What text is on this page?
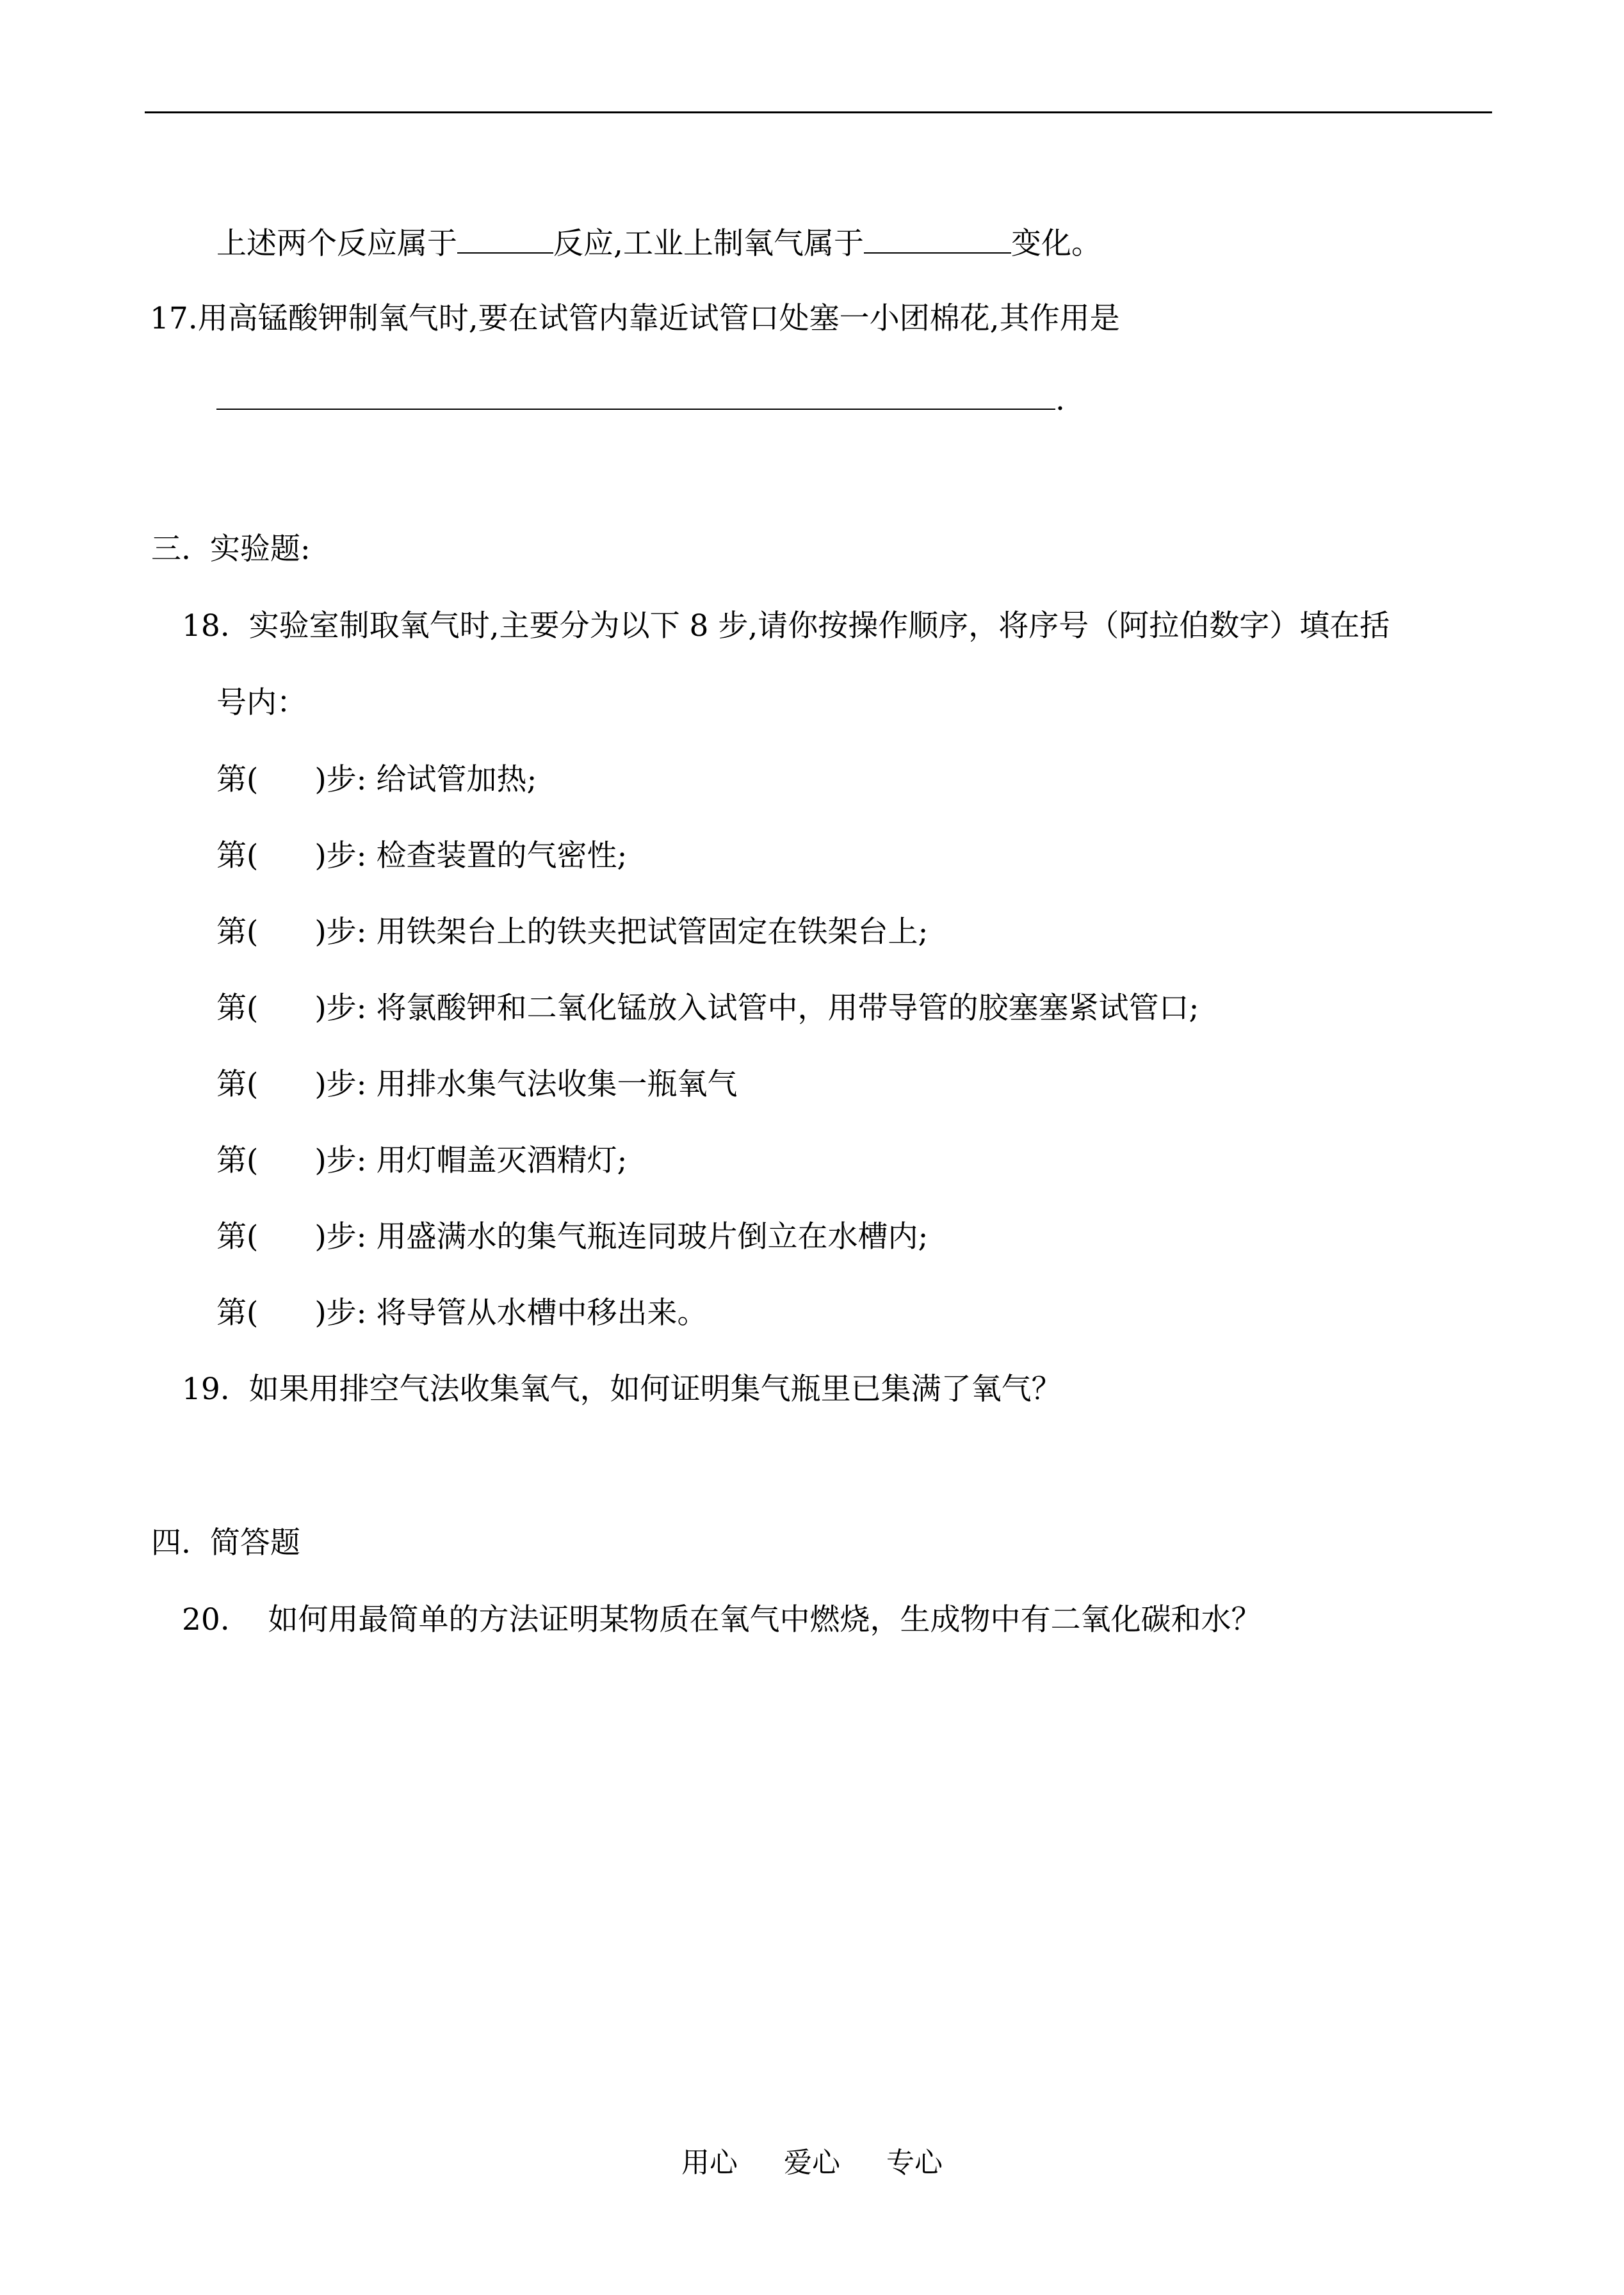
上述两个反应属于	反应,工业上制氧气属于	变化。
17.用高锰酸钾制氧气时,要在试管内靠近试管口处塞一小团棉花,其作用是
.
三.  实验题:
18.  实验室制取氧气时,主要分为以下 8 步,请你按操作顺序，将序号（阿拉伯数字）填在括
号内：
第( )步: 给试管加热;
第( )步: 检查装置的气密性;
第( )步: 用铁架台上的铁夹把试管固定在铁架台上;
第( )步: 将氯酸钾和二氧化锰放入试管中，用带导管的胶塞塞紧试管口;
第( )步: 用排水集气法收集一瓶氧气
第( )步: 用灯帽盖灭酒精灯;
第( )步: 用盛满水的集气瓶连同玻片倒立在水槽内;
第( )步: 将导管从水槽中移出来。
19.  如果用排空气法收集氧气，如何证明集气瓶里已集满了氧气？
四.  简答题
20.    如何用最简单的方法证明某物质在氧气中燃烧，生成物中有二氧化碳和水？
用心 爱心 专心
